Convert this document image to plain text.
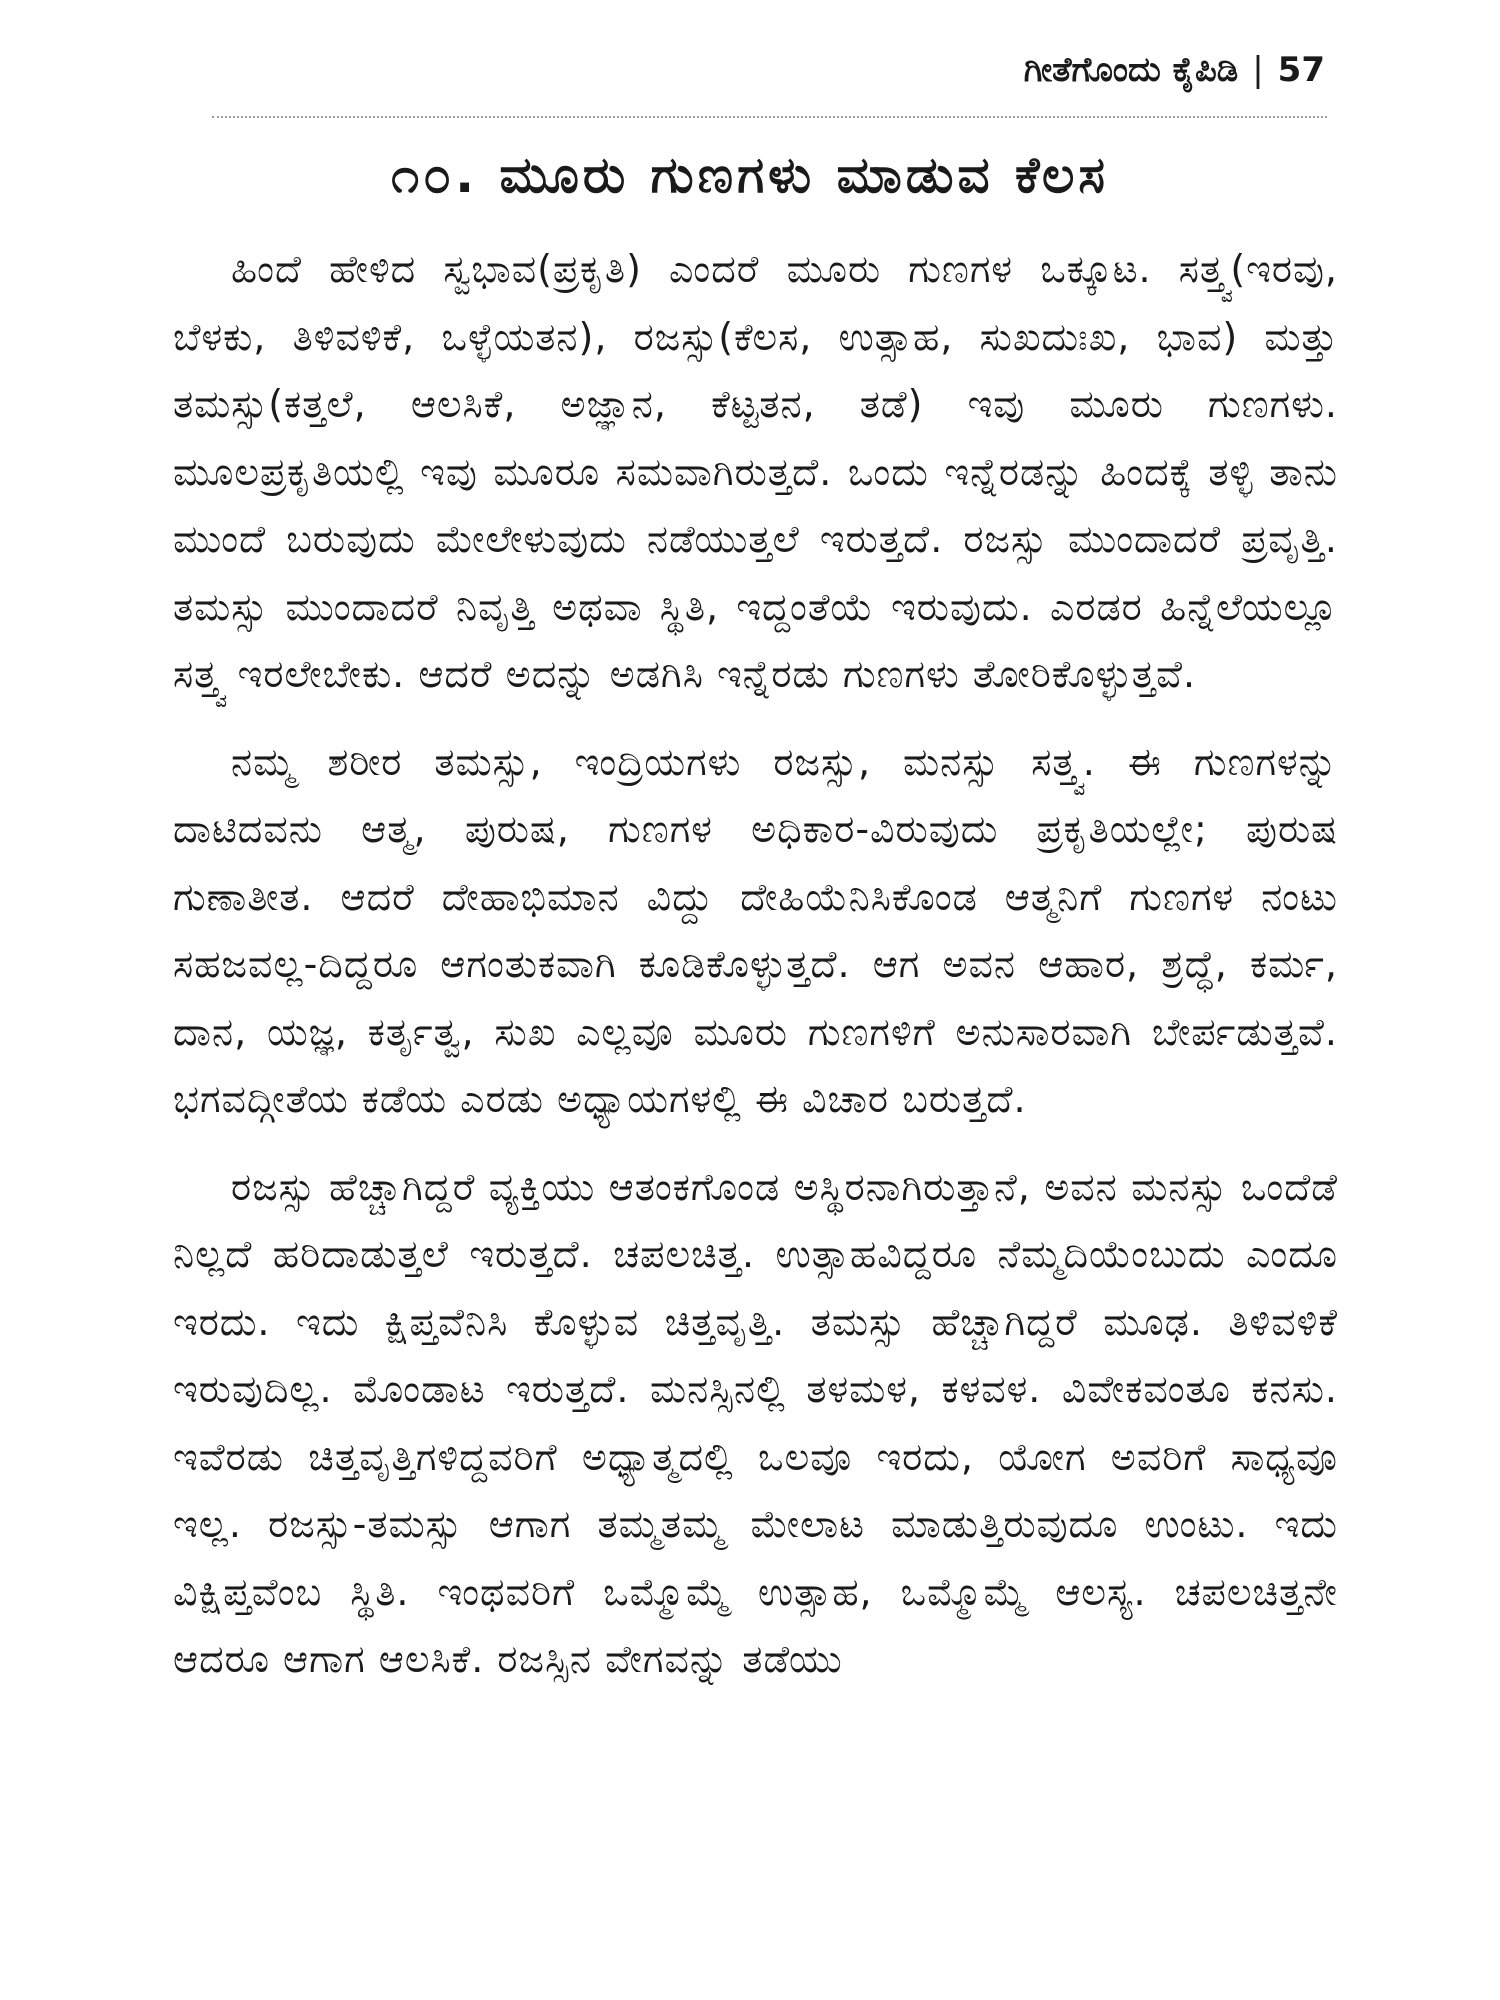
ಗೀತೆಗೊಂದು ಕೈಪಿಡಿ | 57
೧೦. ಮೂರು ಗುಣಗಳು ಮಾಡುವ ಕೆಲಸ

ಹಿಂದೆ ಹೇಳಿದ ಸ್ವಭಾವ(ಪ್ರಕೃತಿ) ಎಂದರೆ ಮೂರು ಗುಣಗಳ ಒಕ್ಕೂಟ. ಸತ್ತ್ವ(ಇರವು, ಬೆಳಕು, ತಿಳಿವಳಿಕೆ, ಒಳ್ಳೆಯತನ), ರಜಸ್ಸು(ಕೆಲಸ, ಉತ್ಸಾಹ, ಸುಖದುಃಖ, ಭಾವ) ಮತ್ತು ತಮಸ್ಸು(ಕತ್ತಲೆ, ಆಲಸಿಕೆ, ಅಜ್ಞಾನ, ಕೆಟ್ಟತನ, ತಡೆ) ಇವು ಮೂರು ಗುಣಗಳು. ಮೂಲಪ್ರಕೃತಿಯಲ್ಲಿ ಇವು ಮೂರೂ ಸಮವಾಗಿರುತ್ತದೆ. ಒಂದು ಇನ್ನೆರಡನ್ನು ಹಿಂದಕ್ಕೆ ತಳ್ಳಿ ತಾನು ಮುಂದೆ ಬರುವುದು ಮೇಲೇಳುವುದು ನಡೆಯುತ್ತಲೆ ಇರುತ್ತದೆ. ರಜಸ್ಸು ಮುಂದಾದರೆ ಪ್ರವೃತ್ತಿ. ತಮಸ್ಸು ಮುಂದಾದರೆ ನಿವೃತ್ತಿ ಅಥವಾ ಸ್ಥಿತಿ, ಇದ್ದಂತೆಯೆ ಇರುವುದು. ಎರಡರ ಹಿನ್ನೆಲೆಯಲ್ಲೂ ಸತ್ತ್ವ ಇರಲೇಬೇಕು. ಆದರೆ ಅದನ್ನು ಅಡಗಿಸಿ ಇನ್ನೆರಡು ಗುಣಗಳು ತೋರಿಕೊಳ್ಳುತ್ತವೆ.

ನಮ್ಮ ಶರೀರ ತಮಸ್ಸು, ಇಂದ್ರಿಯಗಳು ರಜಸ್ಸು, ಮನಸ್ಸು ಸತ್ತ್ವ. ಈ ಗುಣಗಳನ್ನು ದಾಟಿದವನು ಆತ್ಮ, ಪುರುಷ, ಗುಣಗಳ ಅಧಿಕಾರ-ವಿರುವುದು ಪ್ರಕೃತಿಯಲ್ಲೇ; ಪುರುಷ ಗುಣಾತೀತ. ಆದರೆ ದೇಹಾಭಿಮಾನ ವಿದ್ದು ದೇಹಿಯೆನಿಸಿಕೊಂಡ ಆತ್ಮನಿಗೆ ಗುಣಗಳ ನಂಟು ಸಹಜವಲ್ಲ-ದಿದ್ದರೂ ಆಗಂತುಕವಾಗಿ ಕೂಡಿಕೊಳ್ಳುತ್ತದೆ. ಆಗ ಅವನ ಆಹಾರ, ಶ್ರದ್ಧೆ, ಕರ್ಮ, ದಾನ, ಯಜ್ಞ, ಕರ್ತೃತ್ವ, ಸುಖ ಎಲ್ಲವೂ ಮೂರು ಗುಣಗಳಿಗೆ ಅನುಸಾರವಾಗಿ ಬೇರ್ಪಡುತ್ತವೆ. ಭಗವದ್ಗೀತೆಯ ಕಡೆಯ ಎರಡು ಅಧ್ಯಾಯಗಳಲ್ಲಿ ಈ ವಿಚಾರ ಬರುತ್ತದೆ.

ರಜಸ್ಸು ಹೆಚ್ಚಾಗಿದ್ದರೆ ವ್ಯಕ್ತಿಯು ಆತಂಕಗೊಂಡ ಅಸ್ಥಿರನಾಗಿರುತ್ತಾನೆ, ಅವನ ಮನಸ್ಸು ಒಂದೆಡೆ ನಿಲ್ಲದೆ ಹರಿದಾಡುತ್ತಲೆ ಇರುತ್ತದೆ. ಚಪಲಚಿತ್ತ. ಉತ್ಸಾಹವಿದ್ದರೂ ನೆಮ್ಮದಿಯೆಂಬುದು ಎಂದೂ ಇರದು. ಇದು ಕ್ಷಿಪ್ತವೆನಿಸಿ ಕೊಳ್ಳುವ ಚಿತ್ತವೃತ್ತಿ. ತಮಸ್ಸು ಹೆಚ್ಚಾಗಿದ್ದರೆ ಮೂಢ. ತಿಳಿವಳಿಕೆ ಇರುವುದಿಲ್ಲ. ಮೊಂಡಾಟ ಇರುತ್ತದೆ. ಮನಸ್ಸಿನಲ್ಲಿ ತಳಮಳ, ಕಳವಳ. ವಿವೇಕವಂತೂ ಕನಸು. ಇವೆರಡು ಚಿತ್ತವೃತ್ತಿಗಳಿದ್ದವರಿಗೆ ಅಧ್ಯಾತ್ಮದಲ್ಲಿ ಒಲವೂ ಇರದು, ಯೋಗ ಅವರಿಗೆ ಸಾಧ್ಯವೂ ಇಲ್ಲ. ರಜಸ್ಸು-ತಮಸ್ಸು ಆಗಾಗ ತಮ್ಮತಮ್ಮ ಮೇಲಾಟ ಮಾಡುತ್ತಿರುವುದೂ ಉಂಟು. ಇದು ವಿಕ್ಷಿಪ್ತವೆಂಬ ಸ್ಥಿತಿ. ಇಂಥವರಿಗೆ ಒಮ್ಮೊಮ್ಮೆ ಉತ್ಸಾಹ, ಒಮ್ಮೊಮ್ಮೆ ಆಲಸ್ಯ. ಚಪಲಚಿತ್ತನೇ ಆದರೂ ಆಗಾಗ ಆಲಸಿಕೆ. ರಜಸ್ಸಿನ ವೇಗವನ್ನು ತಡೆಯು
